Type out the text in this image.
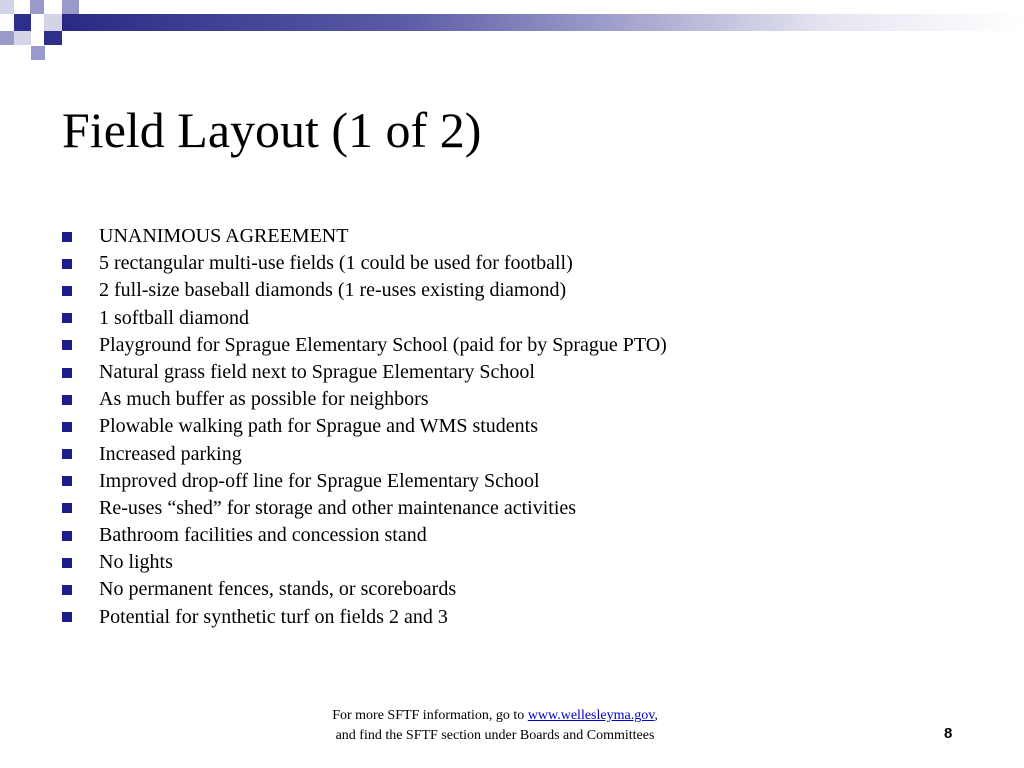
Field Layout (1 of 2)
UNANIMOUS AGREEMENT
5 rectangular multi-use fields (1 could be used for football)
2 full-size baseball diamonds (1 re-uses existing diamond)
1 softball diamond
Playground for Sprague Elementary School (paid for by Sprague PTO)
Natural grass field next to Sprague Elementary School
As much buffer as possible for neighbors
Plowable walking path for Sprague and WMS students
Increased parking
Improved drop-off line for Sprague Elementary School
Re-uses “shed” for storage and other maintenance activities
Bathroom facilities and concession stand
No lights
No permanent fences, stands, or scoreboards
Potential for synthetic turf on fields 2 and 3
For more SFTF information, go to www.wellesleyma.gov,
and find the SFTF section under Boards and Committees	8
